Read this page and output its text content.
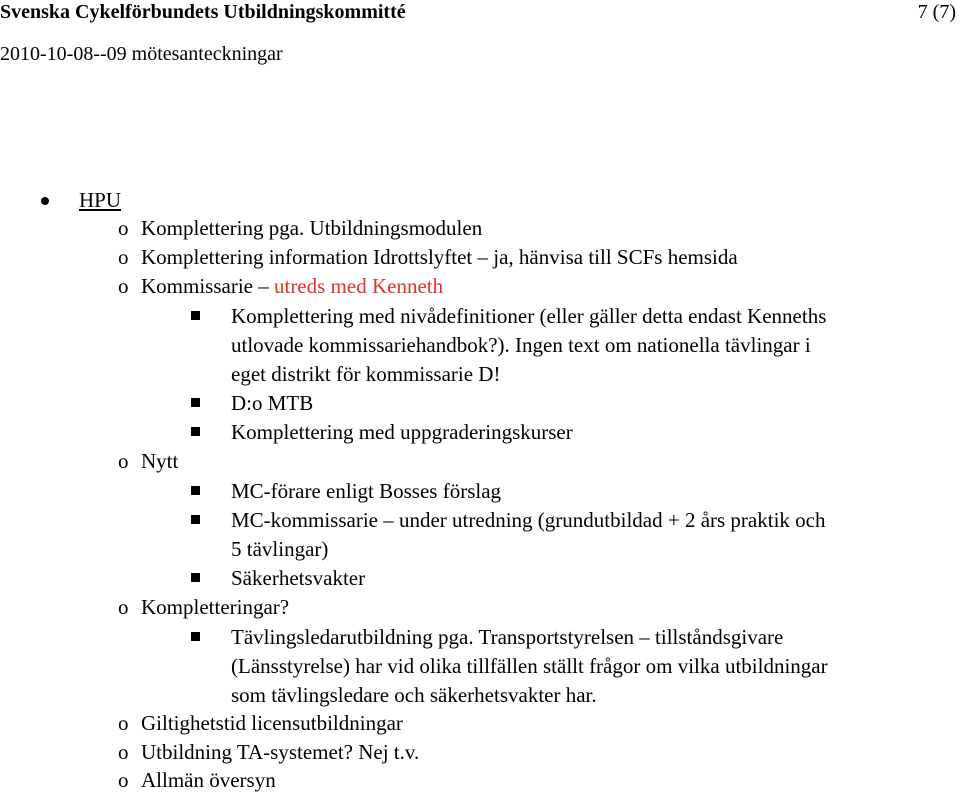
Svenska Cykelförbundets Utbildningskommitté	7 (7)
2010-10-08--09 mötesanteckningar
HPU
o Komplettering pga. Utbildningsmodulen
o Komplettering information Idrottslyftet – ja, hänvisa till SCFs hemsida
o Kommissarie – utreds med Kenneth
Komplettering med nivådefinitioner (eller gäller detta endast Kenneths
utlovade kommissariehandbok?). Ingen text om nationella tävlingar i
eget distrikt för kommissarie D!
D:o MTB
Komplettering med uppgraderingskurser
o Nytt
MC-förare enligt Bosses förslag
MC-kommissarie – under utredning (grundutbildad + 2 års praktik och
5 tävlingar)
Säkerhetsvakter
o Kompletteringar?
Tävlingsledarutbildning pga. Transportstyrelsen – tillståndsgivare
(Länsstyrelse) har vid olika tillfällen ställt frågor om vilka utbildningar
som tävlingsledare och säkerhetsvakter har.
o Giltighetstid licensutbildningar
o Utbildning TA-systemet? Nej t.v.
o Allmän översyn
